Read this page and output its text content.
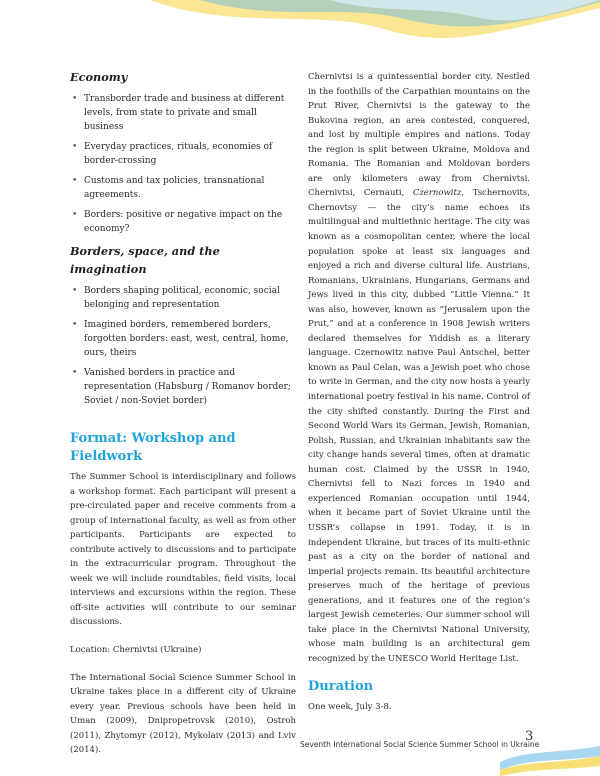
Economy
• Transborder trade and business at different levels, from state to private and small business
• Everyday practices, rituals, economies of border-crossing
• Customs and tax policies, transnational agreements.
• Borders: positive or negative impact on the economy?
Borders, space, and the imagination
• Borders shaping political, economic, social belonging and representation
• Imagined borders, remembered borders, forgotten borders: east, west, central, home, ours, theirs
• Vanished borders in practice and representation (Habsburg / Romanov border; Soviet / non-Soviet border)
Format: Workshop and Fieldwork

The Summer School is interdisciplinary and follows a workshop format. Each participant will present a pre-circulated paper and receive comments from a group of international faculty, as well as from other participants. Participants are expected to contribute actively to discussions and to participate in the extracurricular program. Throughout the week we will include roundtables, field visits, local interviews and excursions within the region. These off-site activities will contribute to our seminar discussions.

Location: Chernivtsi (Ukraine)

The International Social Science Summer School in Ukraine takes place in a different city of Ukraine every year. Previous schools have been held in Uman (2009), Dnipropetrovsk (2010), Ostroh (2011), Zhytomyr (2012), Mykolaiv (2013) and Lviv (2014).

Chernivtsi is a quintessential border city. Nestled in the foothills of the Carpathian mountains on the Prut River, Chernivtsi is the gateway to the Bukovina region, an area contested, conquered, and lost by multiple empires and nations. Today the region is split between Ukraine, Moldova and Romania. The Romanian and Moldovan borders are only kilometers away from Chernivtsi. Chernivtsi, Cernauti, Czernowitz, Tschernovits, Chernovtsy — the city’s name echoes its multilingual and multiethnic heritage. The city was known as a cosmopolitan center, where the local population spoke at least six languages and enjoyed a rich and diverse cultural life. Austrians, Romanians, Ukrainians, Hungarians, Germans and Jews lived in this city, dubbed “Little Vienna.” It was also, however, known as “Jerusalem upon the Prut,” and at a conference in 1908 Jewish writers declared themselves for Yiddish as a literary language. Czernowitz native Paul Antschel, better known as Paul Celan, was a Jewish poet who chose to write in German, and the city now hosts a yearly international poetry festival in his name. Control of the city shifted constantly. During the First and Second World Wars its German, Jewish, Romanian, Polish, Russian, and Ukrainian inhabitants saw the city change hands several times, often at dramatic human cost. Claimed by the USSR in 1940, Chernivtsi fell to Nazi forces in 1940 and experienced Romanian occupation until 1944, when it became part of Soviet Ukraine until the USSR’s collapse in 1991. Today, it is in independent Ukraine, but traces of its multi-ethnic past as a city on the border of national and imperial projects remain. Its beautiful architecture preserves much of the heritage of previous generations, and it features one of the region’s largest Jewish cemeteries. Our summer school will take place in the Chernivtsi National University, whose main building is an architectural gem recognized by the UNESCO World Heritage List.

Duration

One week, July 3-8.

Seventh International Social Science Summer School in Ukraine
3
